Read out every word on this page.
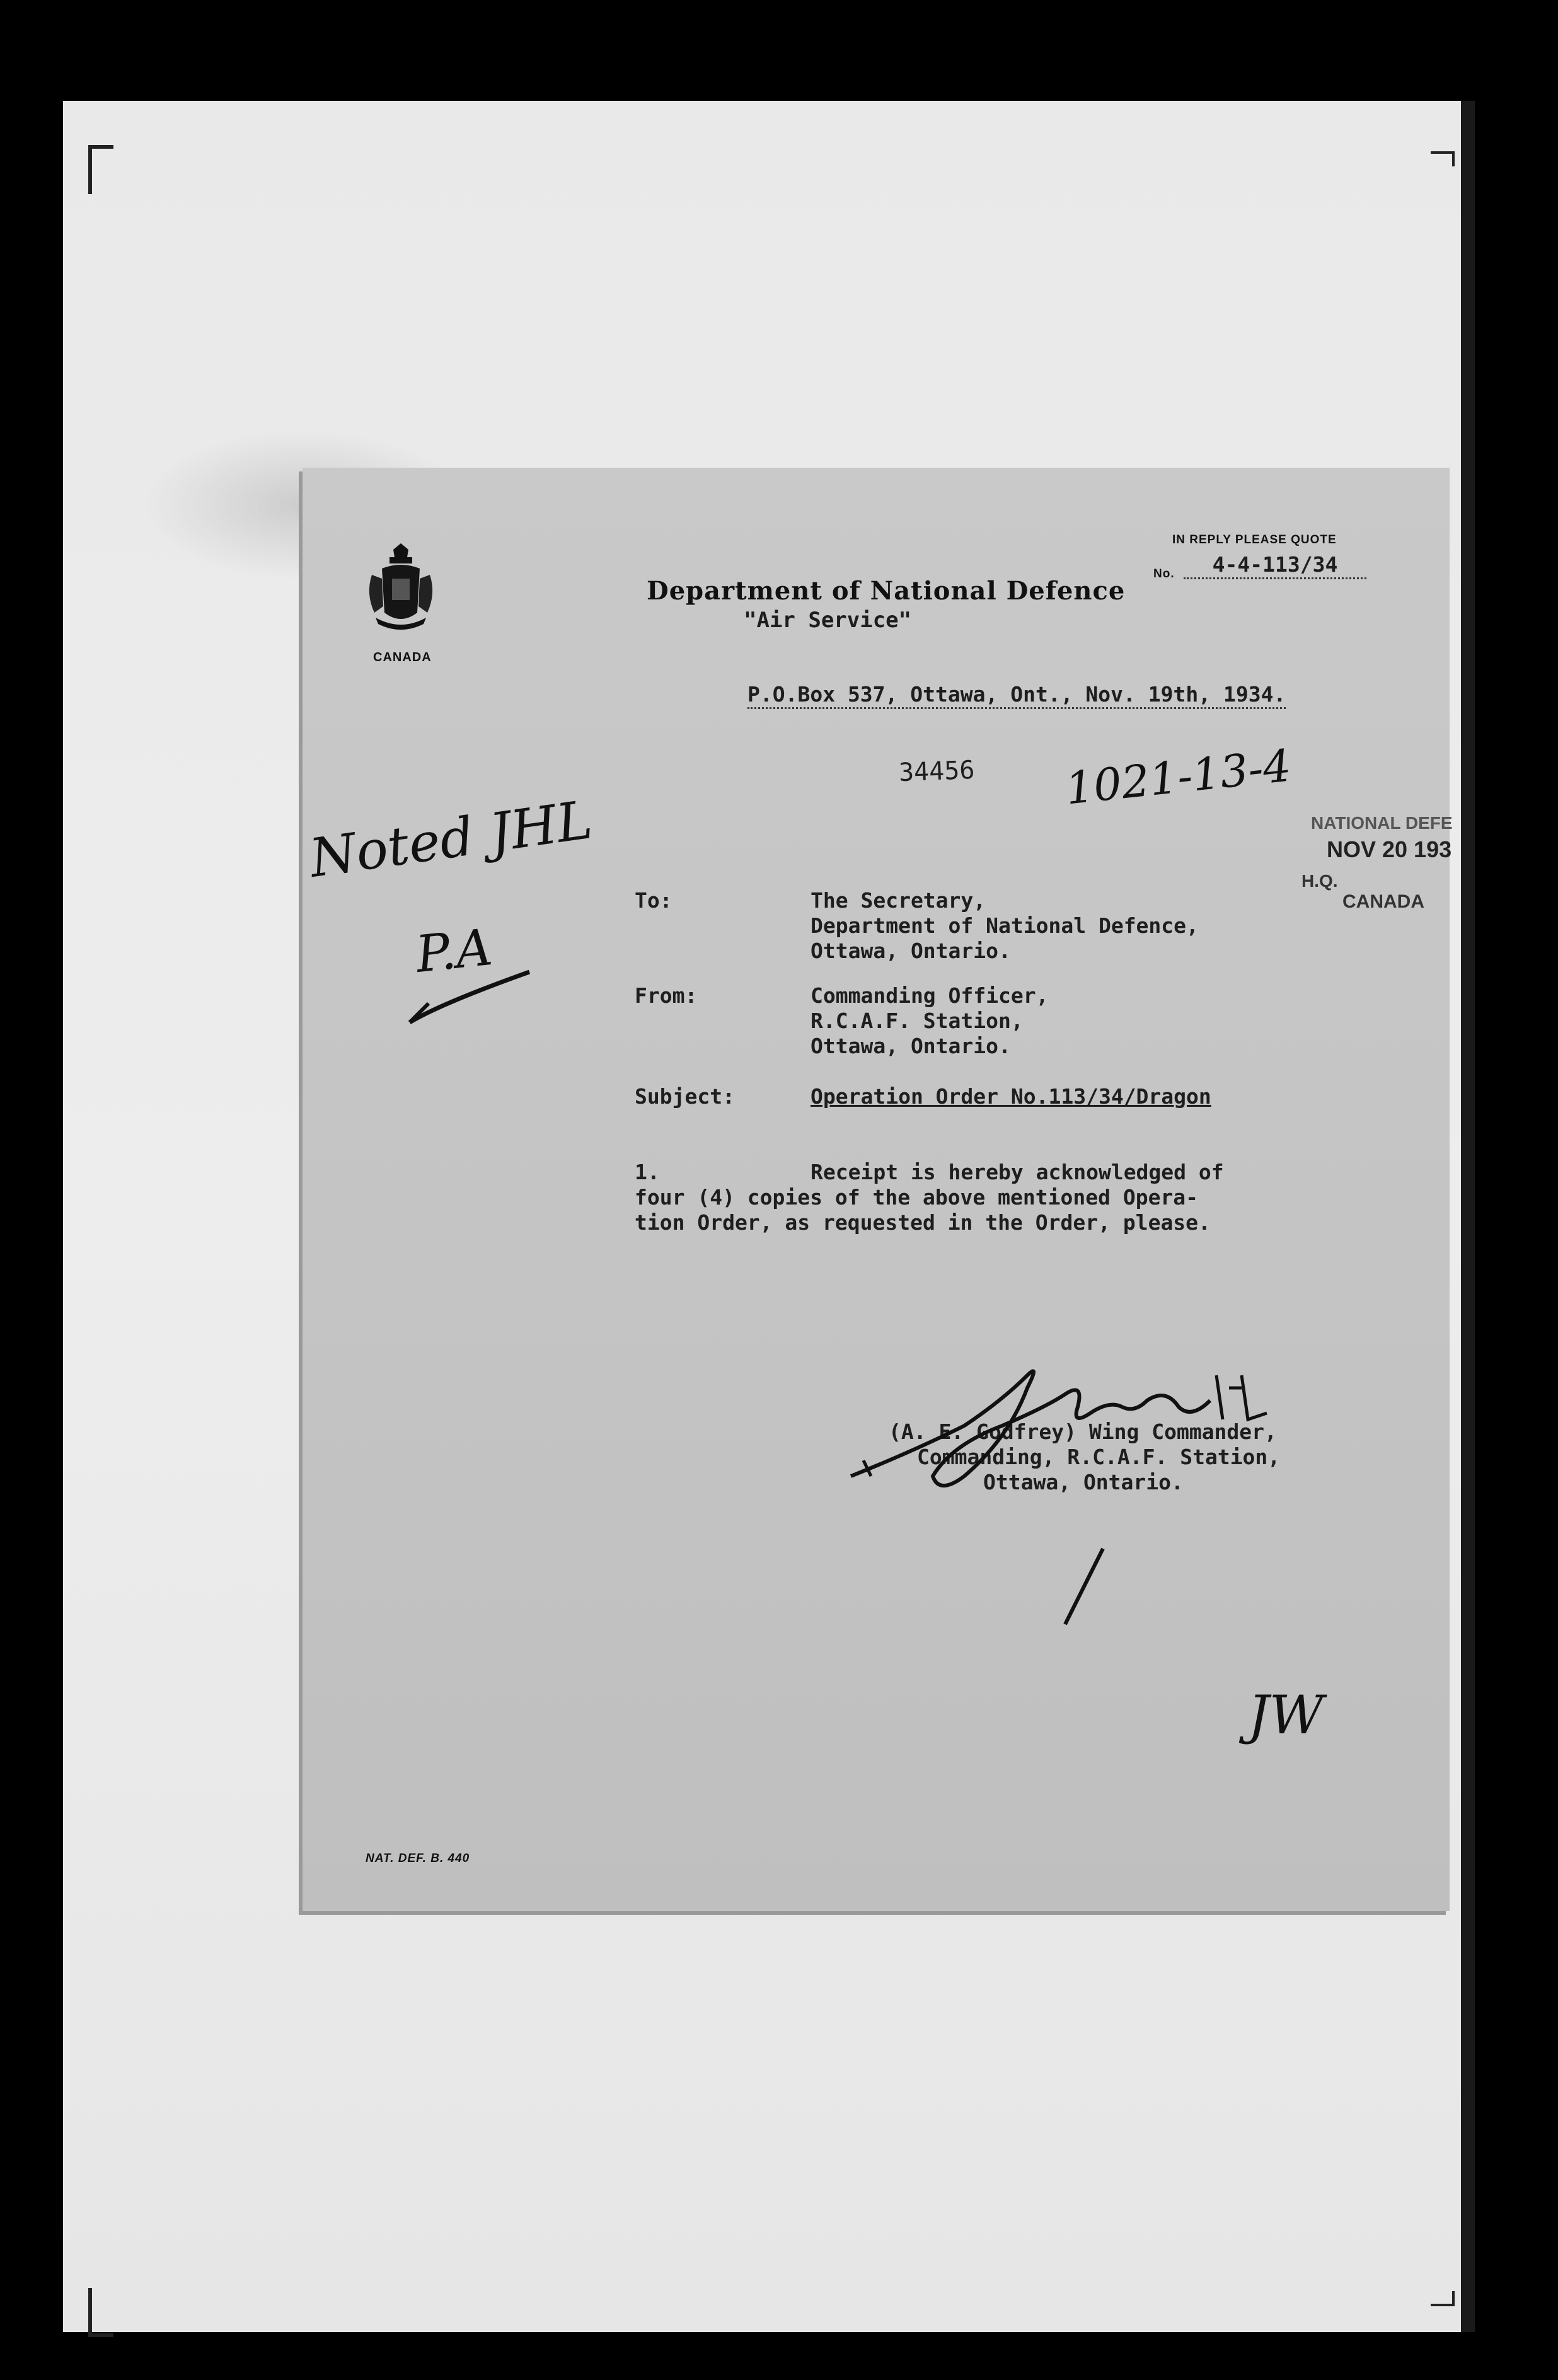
CANADA
Department of National Defence
"Air Service"
IN REPLY PLEASE QUOTE
No.	4-4-113/34
P.O.Box 537, Ottawa, Ont., Nov. 19th, 1934.
34456 1021-13-4
NATIONAL DEFE
NOV 20 193
H.Q.
CANADA
Noted JHL
P.A
To:	The Secretary,
Department of National Defence,
Ottawa, Ontario.
From:	Commanding Officer,
R.C.A.F. Station,
Ottawa, Ontario.
Subject:	Operation Order No.113/34/Dragon
1.	Receipt is hereby acknowledged of
four (4) copies of the above mentioned Opera-
tion Order, as requested in the Order, please.
(A. E. Godfrey) Wing Commander,
Commanding, R.C.A.F. Station,
Ottawa, Ontario.
JW
NAT. DEF. B. 440
